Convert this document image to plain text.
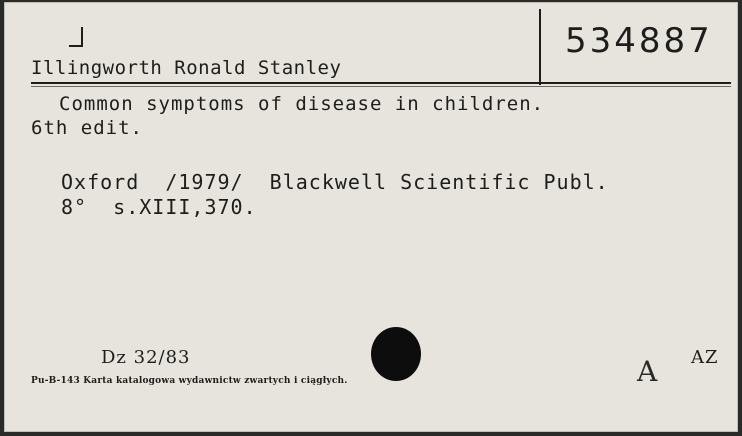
Illingworth Ronald Stanley
534887
Common symptoms of disease in children.
6th edit.
Oxford  /1979/  Blackwell Scientific Publ.
8°  s.XIII,370.
Dz 32/83
Pu-B-143 Karta katalogowa wydawnictw zwartych i ciągłych.	A AZ
